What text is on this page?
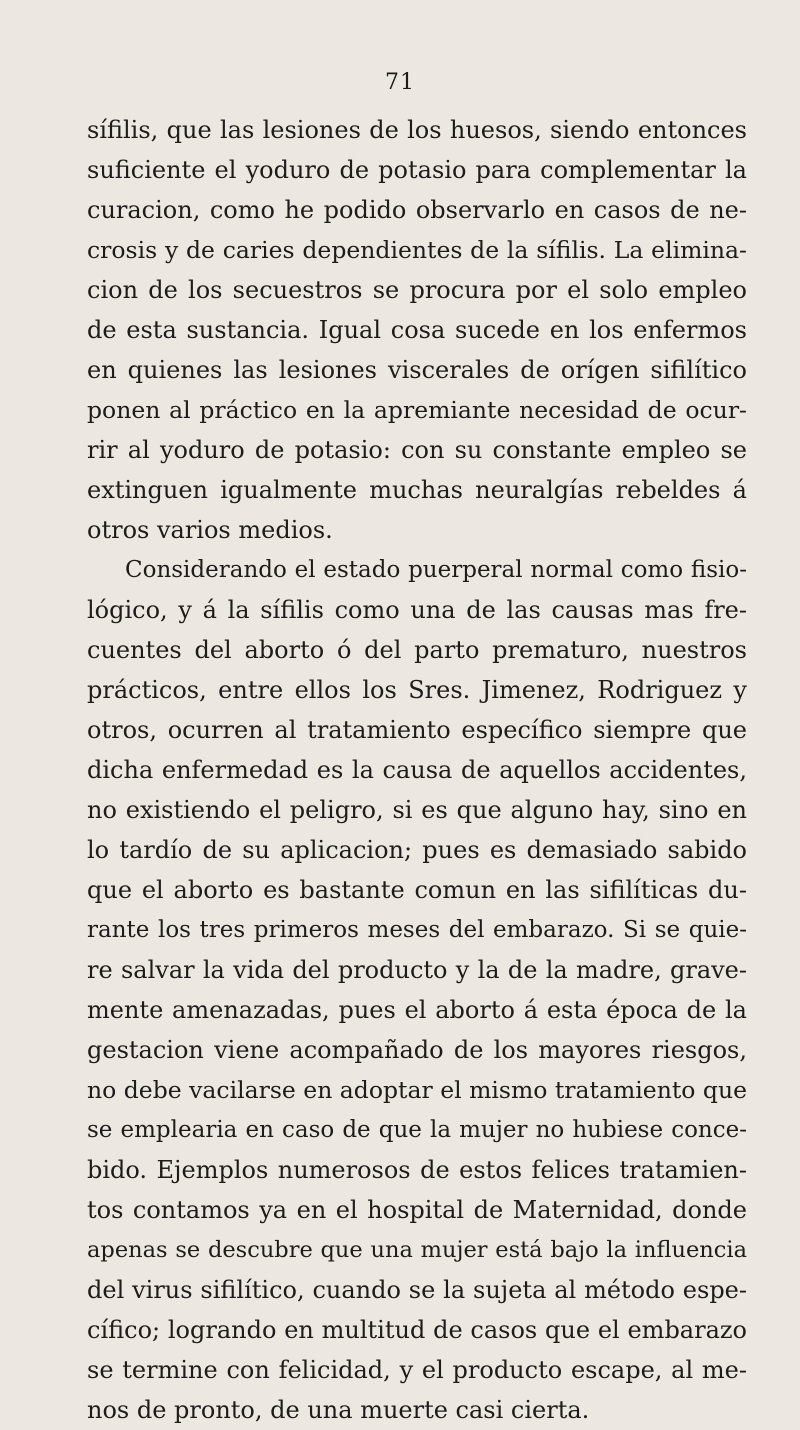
71
sífilis, que las lesiones de los huesos, siendo entonces
suficiente el yoduro de potasio para complementar la
curacion, como he podido observarlo en casos de ne-
crosis y de caries dependientes de la sífilis. La elimina-
cion de los secuestros se procura por el solo empleo
de esta sustancia. Igual cosa sucede en los enfermos
en quienes las lesiones viscerales de orígen sifilítico
ponen al práctico en la apremiante necesidad de ocur-
rir al yoduro de potasio: con su constante empleo se
extinguen igualmente muchas neuralgías rebeldes á
otros varios medios.
Considerando el estado puerperal normal como fisio-
lógico, y á la sífilis como una de las causas mas fre-
cuentes del aborto ó del parto prematuro, nuestros
prácticos, entre ellos los Sres. Jimenez, Rodriguez y
otros, ocurren al tratamiento específico siempre que
dicha enfermedad es la causa de aquellos accidentes,
no existiendo el peligro, si es que alguno hay, sino en
lo tardío de su aplicacion; pues es demasiado sabido
que el aborto es bastante comun en las sifilíticas du-
rante los tres primeros meses del embarazo. Si se quie-
re salvar la vida del producto y la de la madre, grave-
mente amenazadas, pues el aborto á esta época de la
gestacion viene acompañado de los mayores riesgos,
no debe vacilarse en adoptar el mismo tratamiento que
se emplearia en caso de que la mujer no hubiese conce-
bido. Ejemplos numerosos de estos felices tratamien-
tos contamos ya en el hospital de Maternidad, donde
apenas se descubre que una mujer está bajo la influencia
del virus sifilítico, cuando se la sujeta al método espe-
cífico; logrando en multitud de casos que el embarazo
se termine con felicidad, y el producto escape, al me-
nos de pronto, de una muerte casi cierta.
